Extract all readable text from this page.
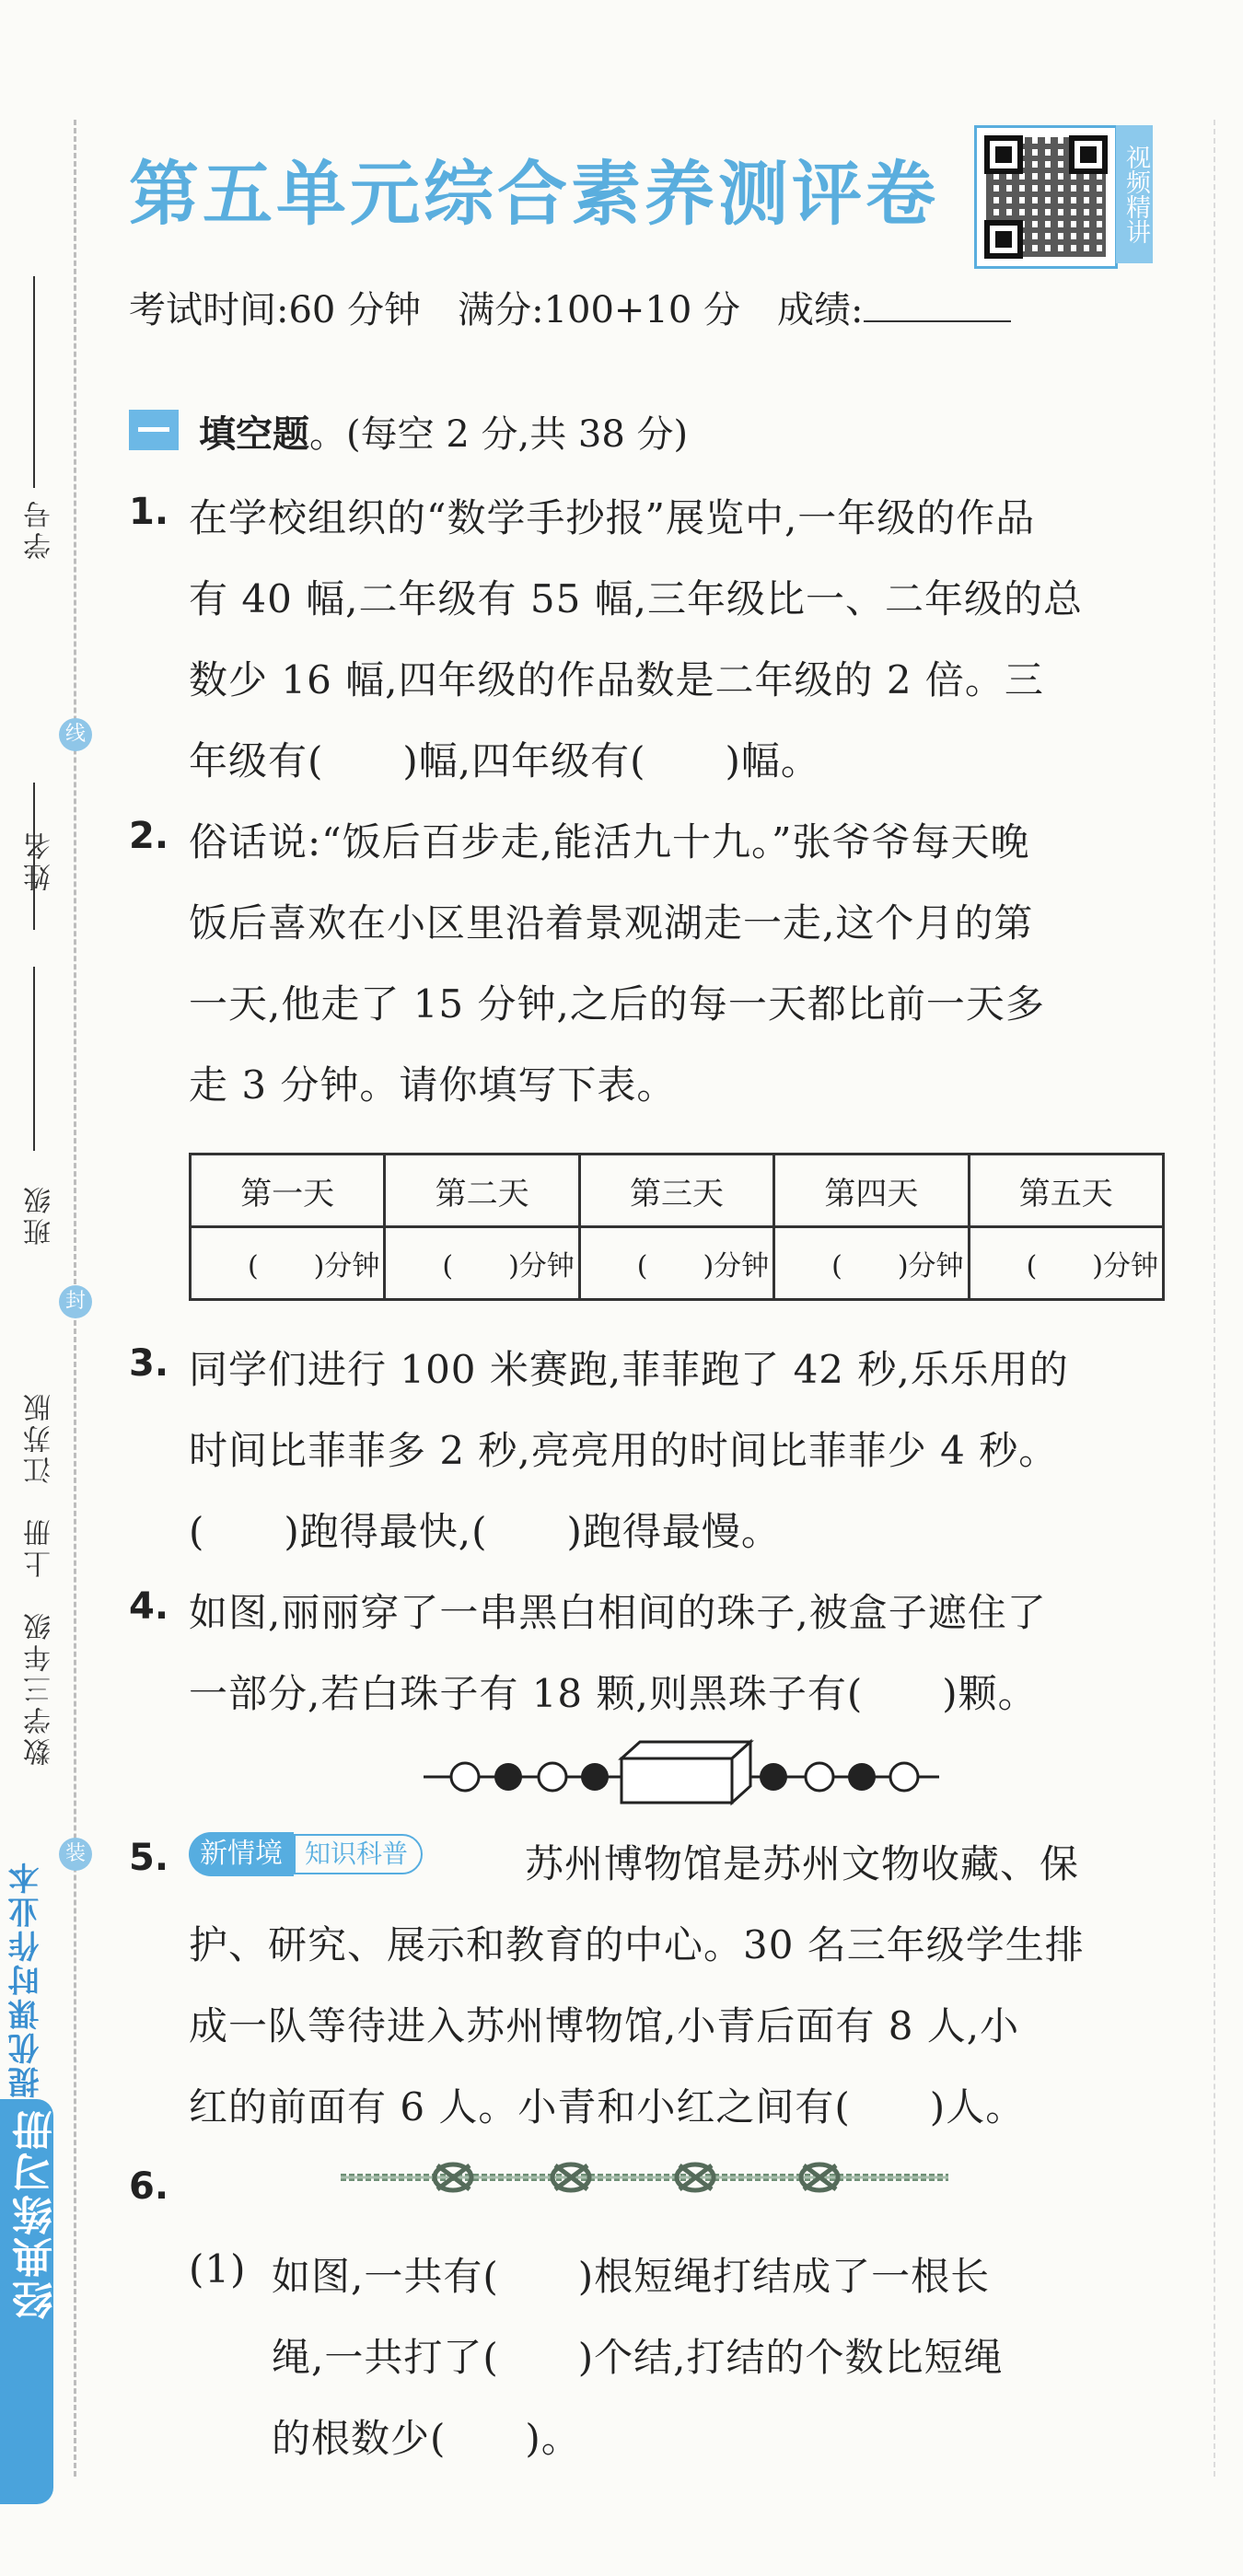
学号
线
姓名
班级
封
数学三年级　上册　江苏版
装
提优课时作业本
经典练习册
第五单元综合素养测评卷	视频精讲
考试时间:60 分钟　满分:100+10 分　成绩:
填空题。(每空 2 分,共 38 分)
1. 在学校组织的“数学手抄报”展览中,一年级的作品
有 40 幅,二年级有 55 幅,三年级比一、二年级的总
数少 16 幅,四年级的作品数是二年级的 2 倍。三
年级有(　　)幅,四年级有(　　)幅。
2. 俗话说:“饭后百步走,能活九十九。”张爷爷每天晚
饭后喜欢在小区里沿着景观湖走一走,这个月的第
一天,他走了 15 分钟,之后的每一天都比前一天多
走 3 分钟。请你填写下表。
第一天	第二天	第三天	第四天	第五天
(　　)分钟	(　　)分钟	(　　)分钟	(　　)分钟	(　　)分钟
3. 同学们进行 100 米赛跑,菲菲跑了 42 秒,乐乐用的
时间比菲菲多 2 秒,亮亮用的时间比菲菲少 4 秒。
(　　)跑得最快,(　　)跑得最慢。
4. 如图,丽丽穿了一串黑白相间的珠子,被盒子遮住了
一部分,若白珠子有 18 颗,则黑珠子有(　　)颗。
5.	新情境 知识科普	苏州博物馆是苏州文物收藏、保
护、研究、展示和教育的中心。30 名三年级学生排
成一队等待进入苏州博物馆,小青后面有 8 人,小
红的前面有 6 人。小青和小红之间有(　　)人。
6.
(1) 如图,一共有(　　)根短绳打结成了一根长
绳,一共打了(　　)个结,打结的个数比短绳
的根数少(　　)。
